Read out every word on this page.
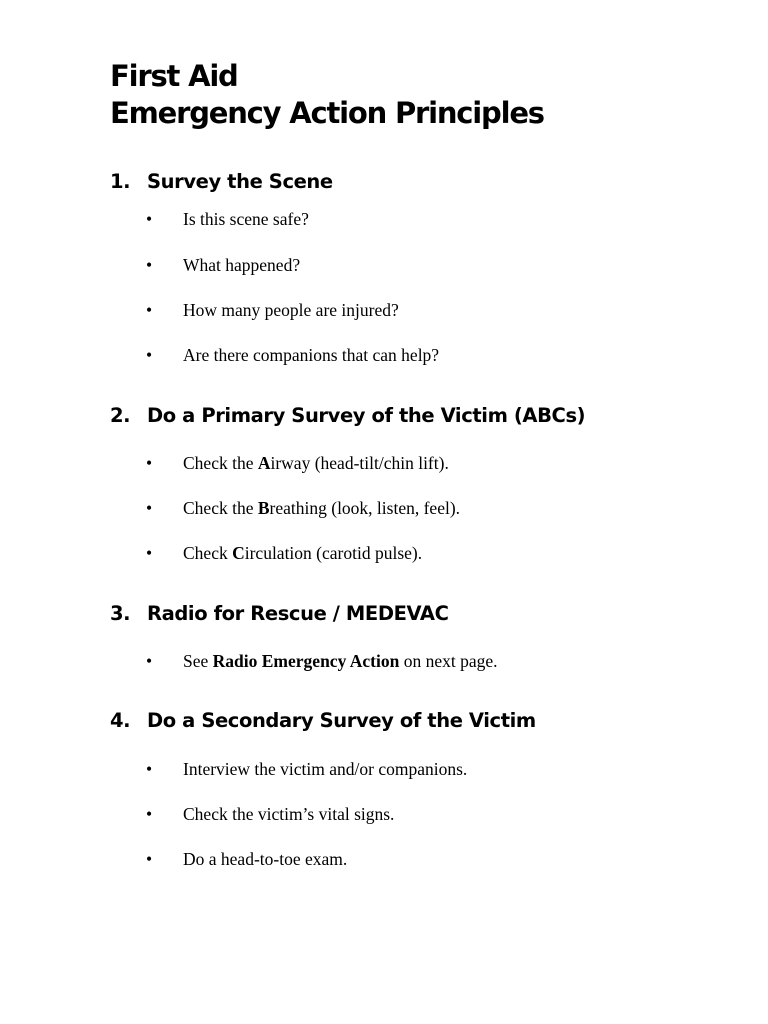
First Aid
Emergency Action Principles
1. Survey the Scene

• Is this scene safe?

• What happened?

• How many people are injured?

• Are there companions that can help?

2. Do a Primary Survey of the Victim (ABCs)

• Check the Airway (head-tilt/chin lift).

• Check the Breathing (look, listen, feel).

• Check Circulation (carotid pulse).

3. Radio for Rescue / MEDEVAC

• See Radio Emergency Action on next page.

4. Do a Secondary Survey of the Victim

• Interview the victim and/or companions.

• Check the victim’s vital signs.

• Do a head-to-toe exam.
